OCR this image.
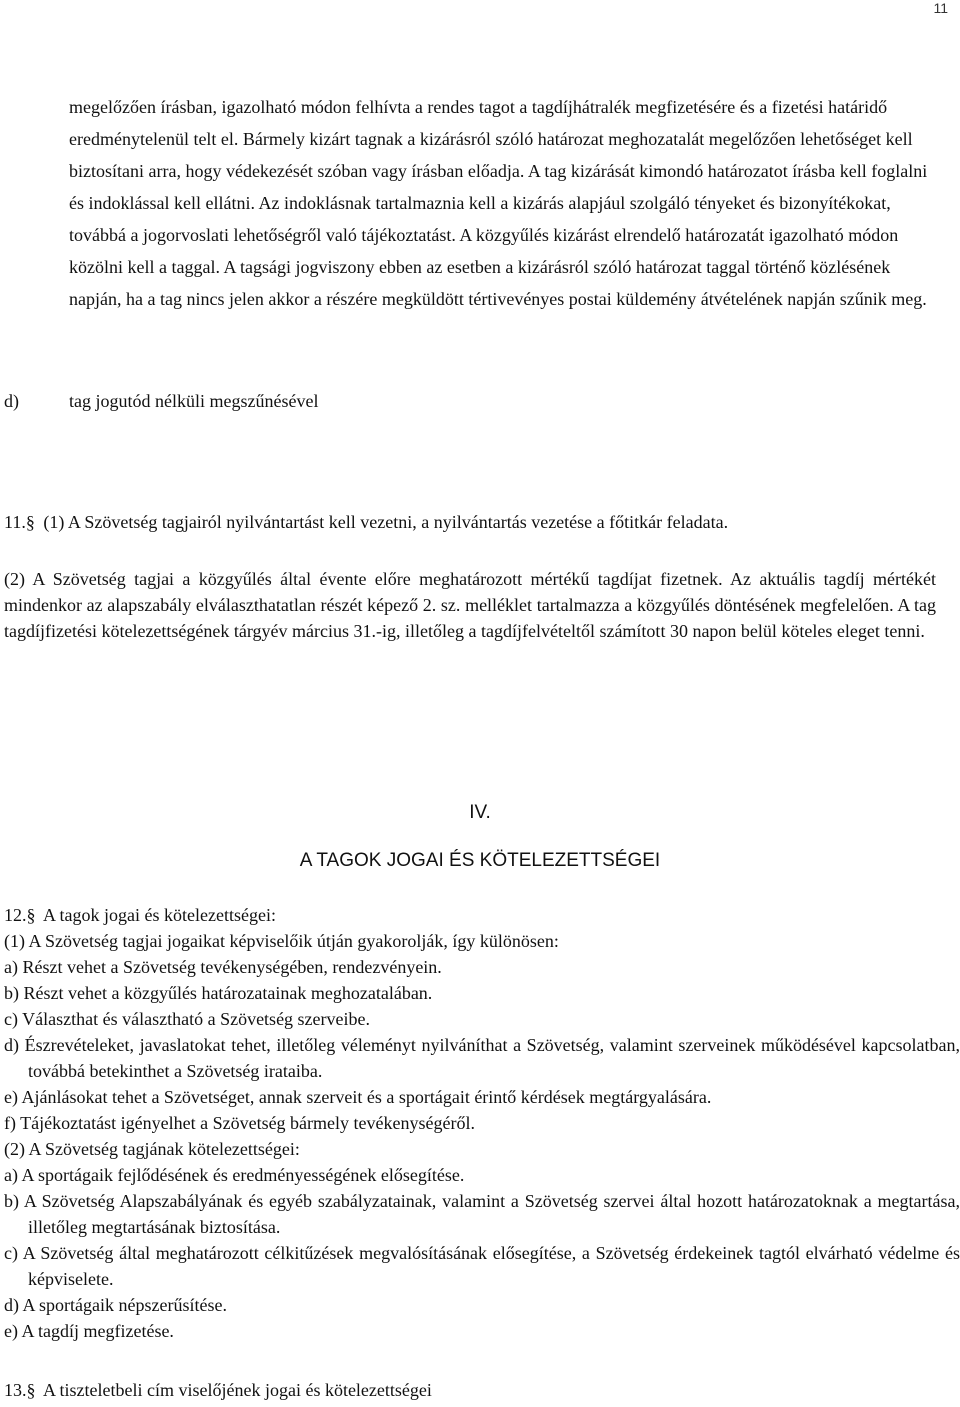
11
megelőzően írásban, igazolható módon felhívta a rendes tagot a tagdíjhátralék megfizetésére és a fizetési határidő eredménytelenül telt el. Bármely kizárt tagnak a kizárásról szóló határozat meghozatalát megelőzően lehetőséget kell biztosítani arra, hogy védekezését szóban vagy írásban előadja. A tag kizárását kimondó határozatot írásba kell foglalni és indoklással kell ellátni. Az indoklásnak tartalmaznia kell a kizárás alapjául szolgáló tényeket és bizonyítékokat, továbbá a jogorvoslati lehetőségről való tájékoztatást. A közgyűlés kizárást elrendelő határozatát igazolható módon közölni kell a taggal. A tagsági jogviszony ebben az esetben a kizárásról szóló határozat taggal történő közlésének napján, ha a tag nincs jelen akkor a részére megküldött tértivevényes postai küldemény átvételének napján szűnik meg.
d)	tag jogutód nélküli megszűnésével
11.§ (1) A Szövetség tagjairól nyilvántartást kell vezetni, a nyilvántartás vezetése a főtitkár feladata.
(2) A Szövetség tagjai a közgyűlés által évente előre meghatározott mértékű tagdíjat fizetnek. Az aktuális tagdíj mértékét mindenkor az alapszabály elválaszthatatlan részét képező 2. sz. melléklet tartalmazza a közgyűlés döntésének megfelelően. A tag tagdíjfizetési kötelezettségének tárgyév március 31.-ig, illetőleg a tagdíjfelvételtől számított 30 napon belül köteles eleget tenni.
IV.
A TAGOK JOGAI ÉS KÖTELEZETTSÉGEI
12.§ A tagok jogai és kötelezettségei:
(1) A Szövetség tagjai jogaikat képviselőik útján gyakorolják, így különösen:
a) Részt vehet a Szövetség tevékenységében, rendezvényein.
b) Részt vehet a közgyűlés határozatainak meghozatalában.
c) Választhat és választható a Szövetség szerveibe.
d) Észrevételeket, javaslatokat tehet, illetőleg véleményt nyilváníthat a Szövetség, valamint szerveinek működésével kapcsolatban, továbbá betekinthet a Szövetség irataiba.
e) Ajánlásokat tehet a Szövetséget, annak szerveit és a sportágait érintő kérdések megtárgyalására.
f) Tájékoztatást igényelhet a Szövetség bármely tevékenységéről.
(2) A Szövetség tagjának kötelezettségei:
a) A sportágaik fejlődésének és eredményességének elősegítése.
b) A Szövetség Alapszabályának és egyéb szabályzatainak, valamint a Szövetség szervei által hozott határozatoknak a megtartása, illetőleg megtartásának biztosítása.
c) A Szövetség által meghatározott célkitűzések megvalósításának elősegítése, a Szövetség érdekeinek tagtól elvárható védelme és képviselete.
d) A sportágaik népszerűsítése.
e) A tagdíj megfizetése.
13.§ A tiszteletbeli cím viselőjének jogai és kötelezettségei
